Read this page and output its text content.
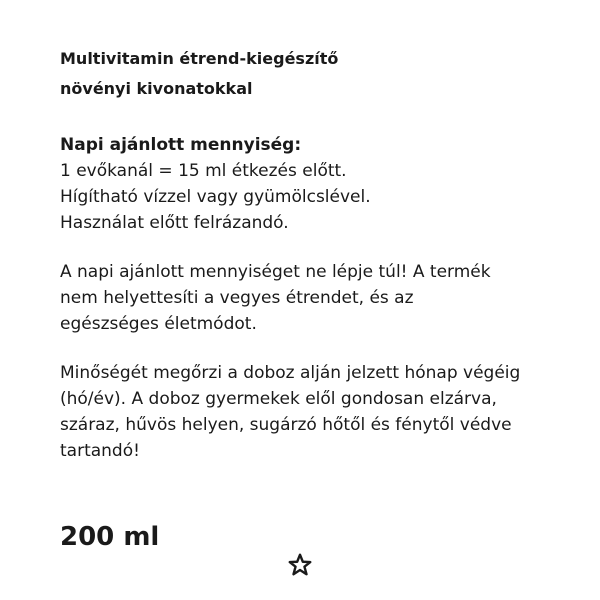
Multivitamin étrend-kiegészítő

növényi kivonatokkal

Napi ajánlott mennyiség:

1 evőkanál = 15 ml étkezés előtt.

Hígítható vízzel vagy gyümölcslével.

Használat előtt felrázandó.

A napi ajánlott mennyiséget ne lépje túl! A termék

nem helyettesíti a vegyes étrendet, és az

egészséges életmódot.

Minőségét megőrzi a doboz alján jelzett hónap végéig

(hó/év). A doboz gyermekek elől gondosan elzárva,

száraz, hűvös helyen, sugárzó hőtől és fénytől védve

tartandó!

200 ml
